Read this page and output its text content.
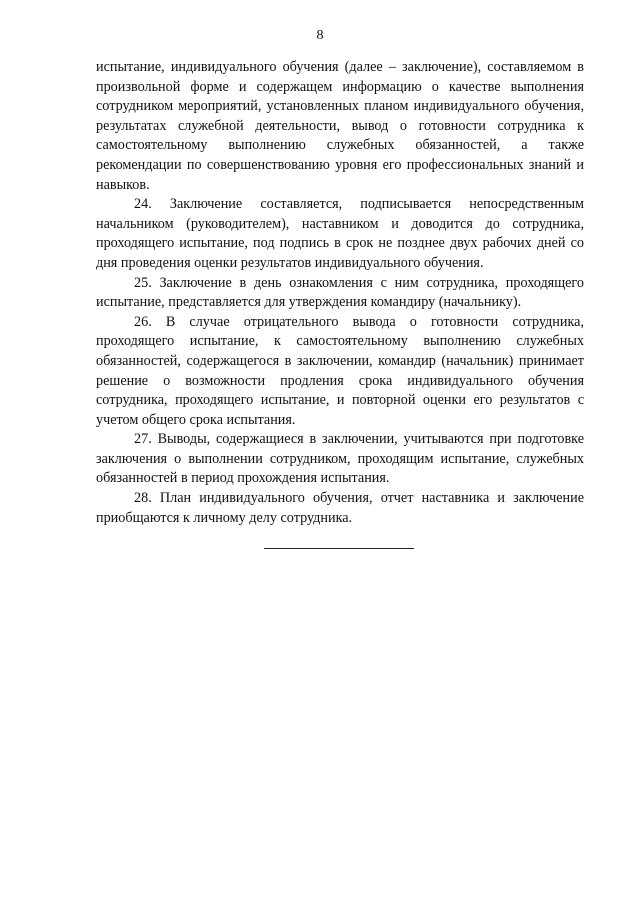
8

испытание, индивидуального обучения (далее – заключение), составляемом в произвольной форме и содержащем информацию о качестве выполнения сотрудником мероприятий, установленных планом индивидуального обучения, результатах служебной деятельности, вывод о готовности сотрудника к самостоятельному выполнению служебных обязанностей, а также рекомендации по совершенствованию уровня его профессиональных знаний и навыков.

24. Заключение составляется, подписывается непосредственным начальником (руководителем), наставником и доводится до сотрудника, проходящего испытание, под подпись в срок не позднее двух рабочих дней со дня проведения оценки результатов индивидуального обучения.

25. Заключение в день ознакомления с ним сотрудника, проходящего испытание, представляется для утверждения командиру (начальнику).

26. В случае отрицательного вывода о готовности сотрудника, проходящего испытание, к самостоятельному выполнению служебных обязанностей, содержащегося в заключении, командир (начальник) принимает решение о возможности продления срока индивидуального обучения сотрудника, проходящего испытание, и повторной оценки его результатов с учетом общего срока испытания.

27. Выводы, содержащиеся в заключении, учитываются при подготовке заключения о выполнении сотрудником, проходящим испытание, служебных обязанностей в период прохождения испытания.

28. План индивидуального обучения, отчет наставника и заключение приобщаются к личному делу сотрудника.
